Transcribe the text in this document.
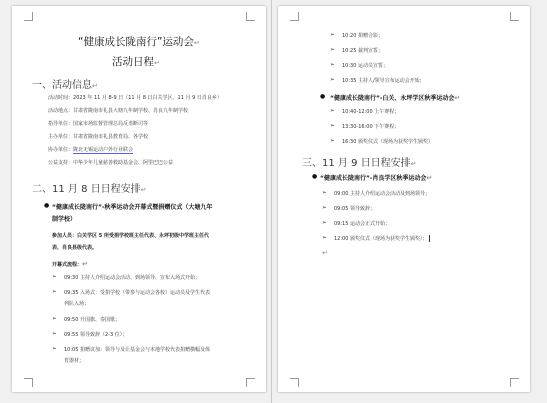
“健康成长陇南行”运动会↵
活动日程↵
一、活动信息↵
活动时间：2023 年 11 月 8-9 日（11 月 8 日白关学区，11 月 9 日肖良乡）
活动地点：甘肃省陇南市礼县大塘九年制学校、肖良九年制学校
指导单位：国家市场监督管理总局反垄断司等
主办单位：甘肃省陇南市礼县教育局、各学校
协办单位：陇北无锡运动户外行业联会
公益支持：中华少年儿童慈善救助基金会、阿里巴巴公益
二、11 月 8 日日程安排↵
● “健康成长陇南行”-秋季运动会开幕式暨捐赠仪式（大塘九年
制学校）
参加人员：白关学区 5 所受捐学校班主任代表、永坪初级中学班主任代
表、肖良县级代表。
开幕式流程：↵
➢ 09:30 主持人介绍运动会活动、到场领导、宣布入场式开始；
➢ 09:35 入场式：受捐学校（带参与运动会各校）运动员及学生代表
列队入场；
➢ 09:50 升国旗、奏国歌；
➢ 09:55 领导致辞（2-3 位）；
➢ 10:05 捐赠议加：领导与及让基金会与本地学校代表捐赠横幅及体
育器材；
➢ 10:20 捐赠合影；
➢ 10:25 裁判宣誓；
➢ 10:30 运动员宣誓；
➢ 10:35 主持人/领导宣布运动会开始；
● “健康成长陇南行”-白关、永坪学区秋季运动会↵
➢ 10:40-12:00 上午赛程；
➢ 13:30-16:00 下午赛程；
➢ 16:30 颁奖仪式（现场为获奖学生颁奖）
三、11 月 9 日日程安排↵
● “健康成长陇南行”-肖良学区秋季运动会↵
➢ 09:00 主持人介绍运动会活动及到场领导；
➢ 09:05 领导致辞；
➢ 09:15 运动会正式开始；
➢ 12:00 颁奖仪式（现场为获奖学生颁奖）；
↵
